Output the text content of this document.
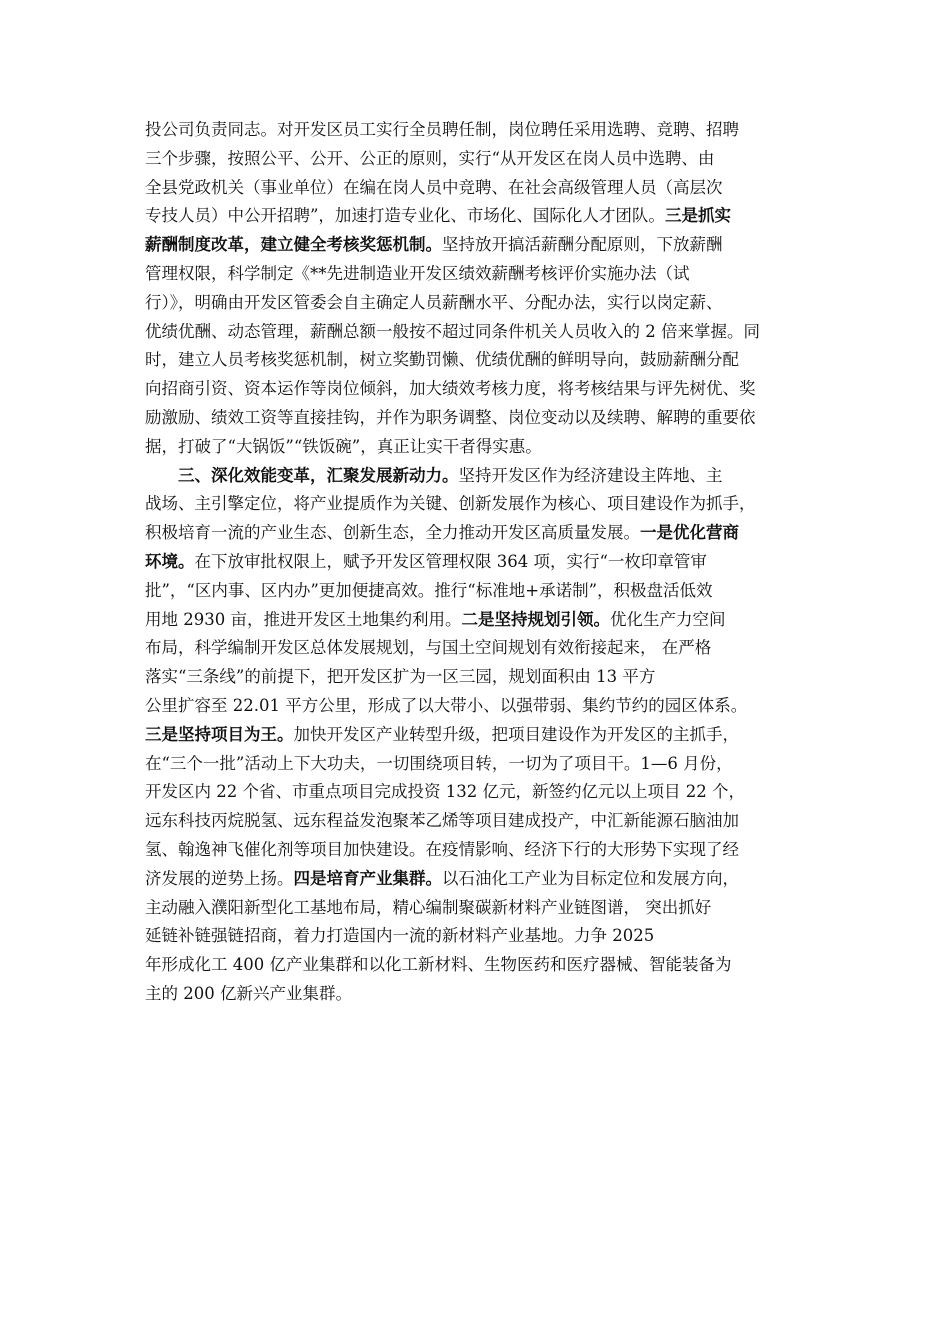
投公司负责同志。对开发区员工实行全员聘任制，岗位聘任采用选聘、竞聘、招聘
三个步骤，按照公平、公开、公正的原则，实行“从开发区在岗人员中选聘、由
全县党政机关（事业单位）在编在岗人员中竞聘、在社会高级管理人员（高层次
专技人员）中公开招聘”，加速打造专业化、市场化、国际化人才团队。三是抓实
薪酬制度改革，建立健全考核奖惩机制。坚持放开搞活薪酬分配原则，下放薪酬
管理权限，科学制定《**先进制造业开发区绩效薪酬考核评价实施办法（试
行）》，明确由开发区管委会自主确定人员薪酬水平、分配办法，实行以岗定薪、
优绩优酬、动态管理，薪酬总额一般按不超过同条件机关人员收入的 2 倍来掌握。同
时，建立人员考核奖惩机制，树立奖勤罚懒、优绩优酬的鲜明导向，鼓励薪酬分配
向招商引资、资本运作等岗位倾斜，加大绩效考核力度，将考核结果与评先树优、奖
励激励、绩效工资等直接挂钩，并作为职务调整、岗位变动以及续聘、解聘的重要依
据，打破了“大锅饭”“铁饭碗”，真正让实干者得实惠。
三、深化效能变革，汇聚发展新动力。坚持开发区作为经济建设主阵地、主
战场、主引擎定位，将产业提质作为关键、创新发展作为核心、项目建设作为抓手，
积极培育一流的产业生态、创新生态，全力推动开发区高质量发展。一是优化营商
环境。在下放审批权限上，赋予开发区管理权限 364 项，实行“一枚印章管审
批”，“区内事、区内办”更加便捷高效。推行“标准地+承诺制”，积极盘活低效
用地 2930 亩，推进开发区土地集约利用。二是坚持规划引领。优化生产力空间
布局，科学编制开发区总体发展规划，与国土空间规划有效衔接起来， 在严格
落实“三条线”的前提下，把开发区扩为一区三园，规划面积由 13 平方
公里扩容至 22.01 平方公里，形成了以大带小、以强带弱、集约节约的园区体系。
三是坚持项目为王。加快开发区产业转型升级，把项目建设作为开发区的主抓手，
在“三个一批”活动上下大功夫，一切围绕项目转，一切为了项目干。1—6 月份，
开发区内 22 个省、市重点项目完成投资 132 亿元，新签约亿元以上项目 22 个，
远东科技丙烷脱氢、远东程益发泡聚苯乙烯等项目建成投产，中汇新能源石脑油加
氢、翰逸神飞催化剂等项目加快建设。在疫情影响、经济下行的大形势下实现了经
济发展的逆势上扬。四是培育产业集群。以石油化工产业为目标定位和发展方向，
主动融入濮阳新型化工基地布局，精心编制聚碳新材料产业链图谱， 突出抓好
延链补链强链招商，着力打造国内一流的新材料产业基地。力争 2025
年形成化工 400 亿产业集群和以化工新材料、生物医药和医疗器械、智能装备为
主的 200 亿新兴产业集群。
